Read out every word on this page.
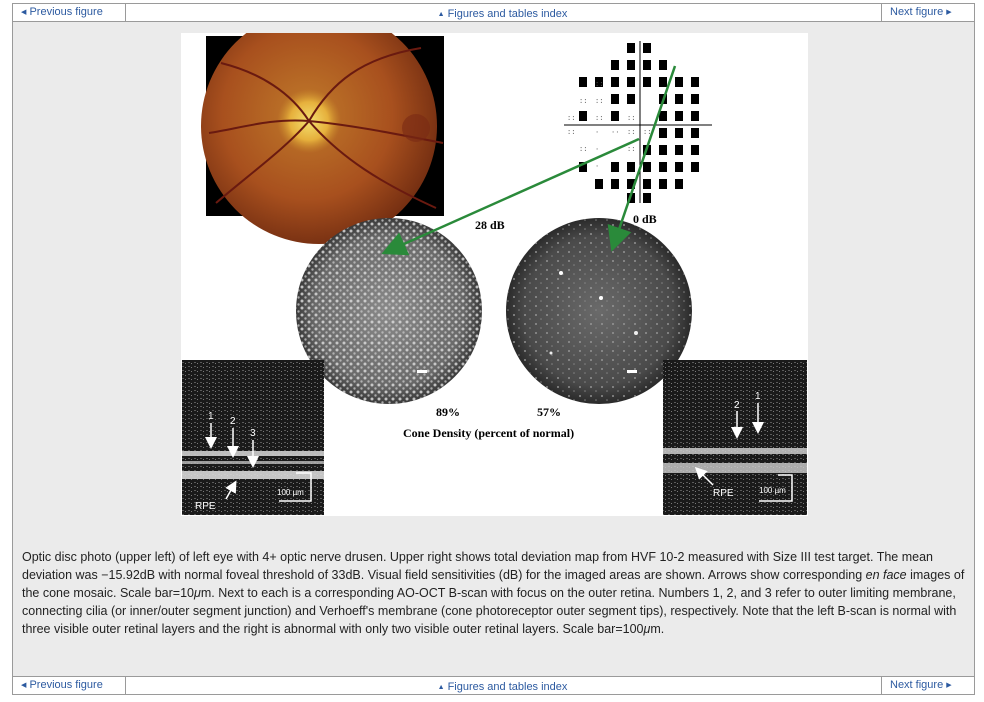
◀ Previous figure	▲ Figures and tables index	Next figure ▶
::
::
::
::	::	::
::	· ·· :: ::
:: ·	::
·
28 dB	0 dB
89%	57%
Cone Density (percent of normal)
1 2
3
RPE
100 µm
2
1
RPE	100 µm
Optic disc photo (upper left) of left eye with 4+ optic nerve drusen. Upper right shows total deviation map from HVF 10-2 measured with Size III test target. The mean deviation was −15.92dB with normal foveal threshold of 33dB. Visual field sensitivities (dB) for the imaged areas are shown. Arrows show corresponding en face images of the cone mosaic. Scale bar=10μm. Next to each is a corresponding AO-OCT B-scan with focus on the outer retina. Numbers 1, 2, and 3 refer to outer limiting membrane, connecting cilia (or inner/outer segment junction) and Verhoeff's membrane (cone photoreceptor outer segment tips), respectively. Note that the left B-scan is normal with three visible outer retinal layers and the right is abnormal with only two visible outer retinal layers. Scale bar=100μm.
◀ Previous figure	▲ Figures and tables index	Next figure ▶
